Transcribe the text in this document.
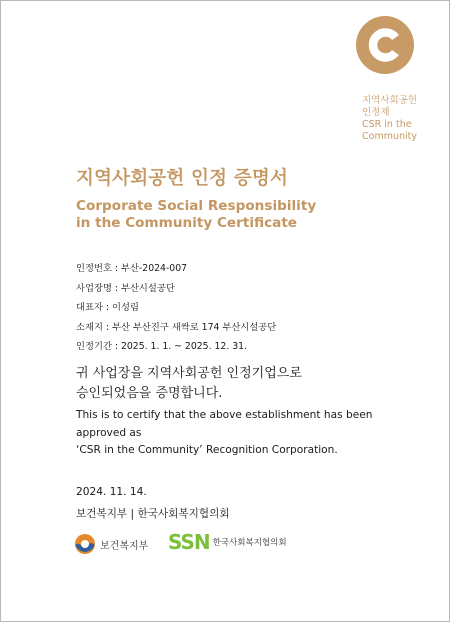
지역사회공헌
인정제
CSR in the
Community
지역사회공헌 인정 증명서
Corporate Social Responsibility
in the Community Certificate
인정번호 : 부산-2024-007
사업장명 : 부산시설공단
대표자 : 이성림
소재지 : 부산 부산진구 새싹로 174 부산시설공단
인정기간 : 2025. 1. 1. ~ 2025. 12. 31.
귀 사업장을 지역사회공헌 인정기업으로
승인되었음을 증명합니다.
This is to certify that the above establishment has been
approved as
‘CSR in the Community’ Recognition Corporation.
2024. 11. 14.
보건복지부 | 한국사회복지협의회
보건복지부 SSN 한국사회복지협의회
